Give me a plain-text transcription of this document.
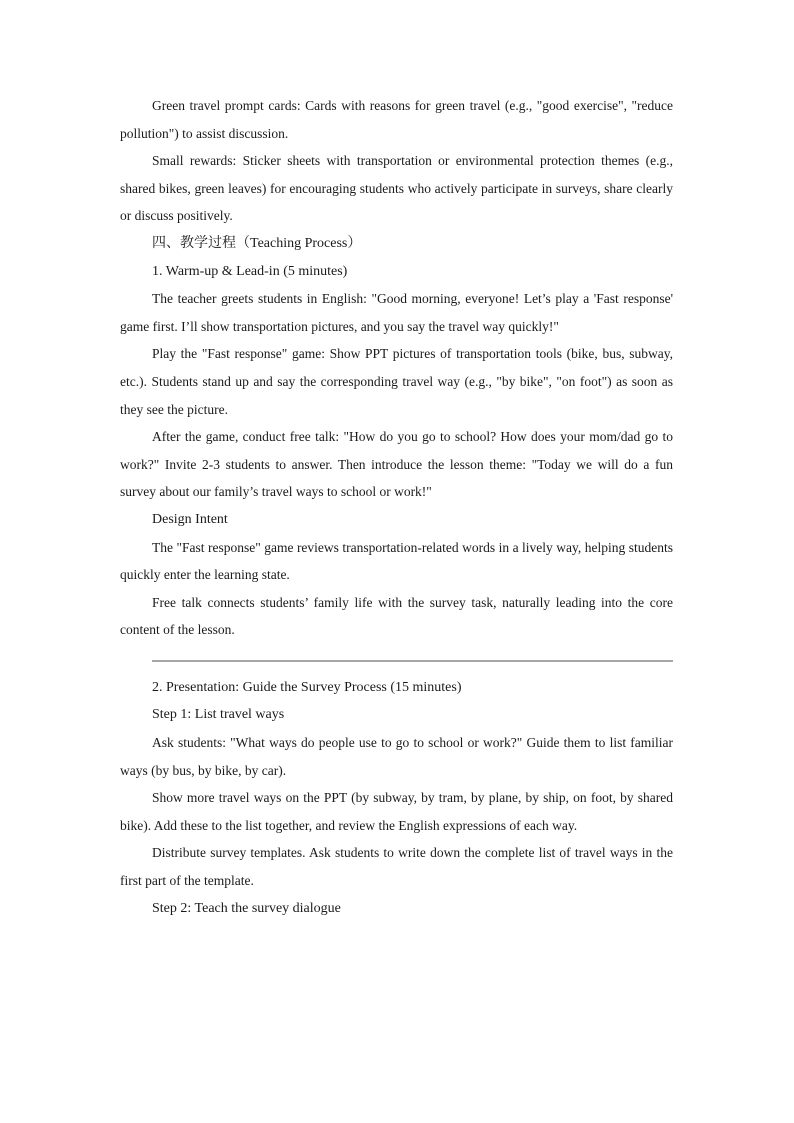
Green travel prompt cards: Cards with reasons for green travel (e.g., "good exercise", "reduce pollution") to assist discussion.

Small rewards: Sticker sheets with transportation or environmental protection themes (e.g., shared bikes, green leaves) for encouraging students who actively participate in surveys, share clearly or discuss positively.

四、教学过程（Teaching Process）

1. Warm-up & Lead-in (5 minutes)

The teacher greets students in English: "Good morning, everyone! Let’s play a 'Fast response' game first. I’ll show transportation pictures, and you say the travel way quickly!"

Play the "Fast response" game: Show PPT pictures of transportation tools (bike, bus, subway, etc.). Students stand up and say the corresponding travel way (e.g., "by bike", "on foot") as soon as they see the picture.

After the game, conduct free talk: "How do you go to school? How does your mom/dad go to work?" Invite 2-3 students to answer. Then introduce the lesson theme: "Today we will do a fun survey about our family’s travel ways to school or work!"

Design Intent

The "Fast response" game reviews transportation-related words in a lively way, helping students quickly enter the learning state.

Free talk connects students’ family life with the survey task, naturally leading into the core content of the lesson.

2. Presentation: Guide the Survey Process (15 minutes)

Step 1: List travel ways

Ask students: "What ways do people use to go to school or work?" Guide them to list familiar ways (by bus, by bike, by car).

Show more travel ways on the PPT (by subway, by tram, by plane, by ship, on foot, by shared bike). Add these to the list together, and review the English expressions of each way.

Distribute survey templates. Ask students to write down the complete list of travel ways in the first part of the template.

Step 2: Teach the survey dialogue
